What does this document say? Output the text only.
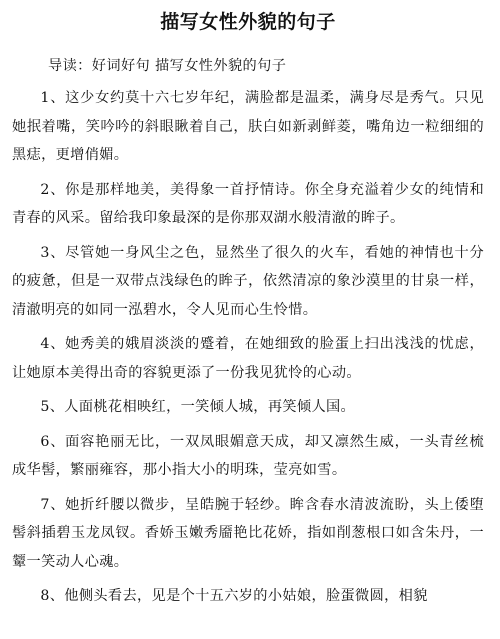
描写女性外貌的句子

导读：好词好句 描写女性外貌的句子

1、这少女约莫十六七岁年纪，满脸都是温柔，满身尽是秀气。只见她抿着嘴，笑吟吟的斜眼瞅着自己，肤白如新剥鲜菱，嘴角边一粒细细的黑痣，更增俏媚。

2、你是那样地美，美得象一首抒情诗。你全身充溢着少女的纯情和青春的风采。留给我印象最深的是你那双湖水般清澈的眸子。

3、尽管她一身风尘之色，显然坐了很久的火车，看她的神情也十分的疲惫，但是一双带点浅绿色的眸子，依然清凉的象沙漠里的甘泉一样，清澈明亮的如同一泓碧水，令人见而心生怜惜。

4、她秀美的娥眉淡淡的蹙着，在她细致的脸蛋上扫出浅浅的忧虑，让她原本美得出奇的容貌更添了一份我见犹怜的心动。

5、人面桃花相映红，一笑倾人城，再笑倾人国。

6、面容艳丽无比，一双凤眼媚意天成，却又凛然生威，一头青丝梳成华髻，繁丽雍容，那小指大小的明珠，莹亮如雪。

7、她折纤腰以微步，呈皓腕于轻纱。眸含春水清波流盼，头上倭堕髻斜插碧玉龙凤钗。香娇玉嫩秀靥艳比花娇，指如削葱根口如含朱丹，一颦一笑动人心魂。

8、他侧头看去，见是个十五六岁的小姑娘，脸蛋微圆，相貌
